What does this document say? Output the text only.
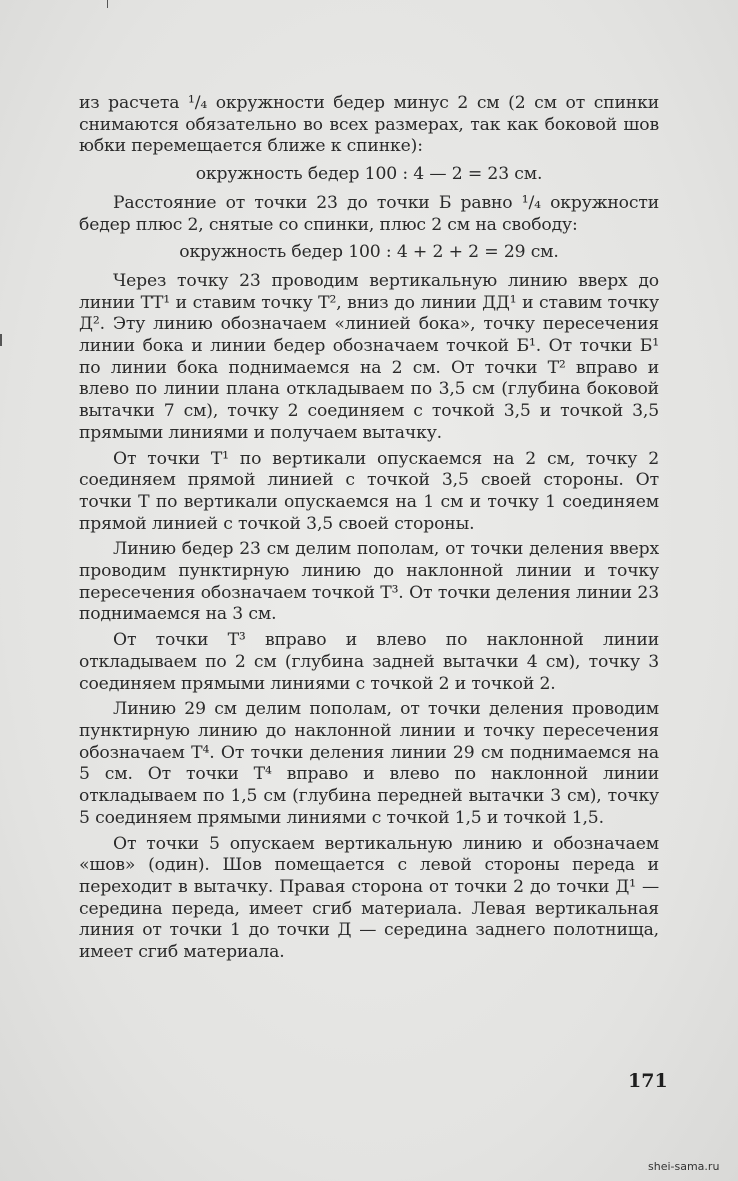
из расчета ¹/₄ окружности бедер минус 2 см (2 см от спинки снимаются обязательно во всех размерах, так как боковой шов юбки перемещается ближе к спинке):

окружность бедер 100 : 4 — 2 = 23 см.

Расстояние от точки 23 до точки Б равно ¹/₄ окружности бедер плюс 2, снятые со спинки, плюс 2 см на свободу:

окружность бедер 100 : 4 + 2 + 2 = 29 см.

Через точку 23 проводим вертикальную линию вверх до линии ТТ¹ и ставим точку Т², вниз до линии ДД¹ и ставим точку Д². Эту линию обозначаем «линией бока», точку пересечения линии бока и линии бедер обозначаем точкой Б¹. От точки Б¹ по линии бока поднимаемся на 2 см. От точки Т² вправо и влево по линии плана откладываем по 3,5 см (глубина боковой вытачки 7 см), точку 2 соединяем с точкой 3,5 и точкой 3,5 прямыми линиями и получаем вытачку.

От точки Т¹ по вертикали опускаемся на 2 см, точку 2 соединяем прямой линией с точкой 3,5 своей стороны. От точки Т по вертикали опускаемся на 1 см и точку 1 соединяем прямой линией с точкой 3,5 своей стороны.

Линию бедер 23 см делим пополам, от точки деления вверх проводим пунктирную линию до наклонной линии и точку пересечения обозначаем точкой Т³. От точки деления линии 23 поднимаемся на 3 см.

От точки Т³ вправо и влево по наклонной линии откладываем по 2 см (глубина задней вытачки 4 см), точку 3 соединяем прямыми линиями с точкой 2 и точкой 2.

Линию 29 см делим пополам, от точки деления проводим пунктирную линию до наклонной линии и точку пересечения обозначаем Т⁴. От точки деления линии 29 см поднимаемся на 5 см. От точки Т⁴ вправо и влево по наклонной линии откладываем по 1,5 см (глубина передней вытачки 3 см), точку 5 соединяем прямыми линиями с точкой 1,5 и точкой 1,5.

От точки 5 опускаем вертикальную линию и обозначаем «шов» (один). Шов помещается с левой стороны переда и переходит в вытачку. Правая сторона от точки 2 до точки Д¹ — середина переда, имеет сгиб материала. Левая вертикальная линия от точки 1 до точки Д — середина заднего полотнища, имеет сгиб материала.

171
shei-sama.ru
